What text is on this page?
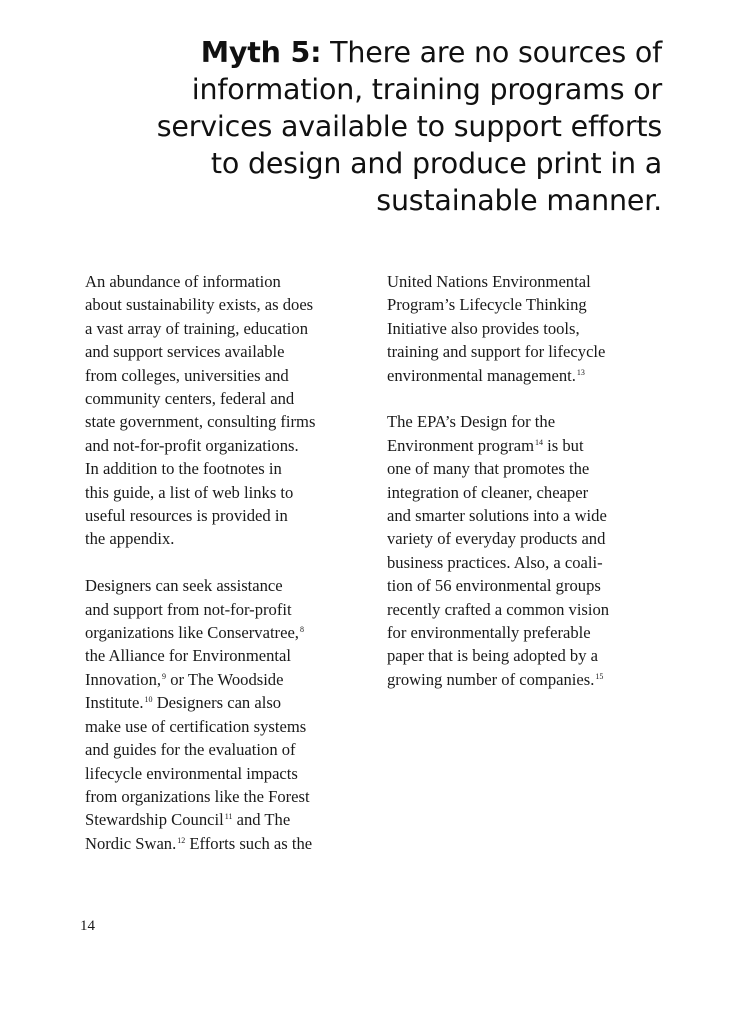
Myth 5: There are no sources of
information, training programs or
services available to support efforts
to design and produce print in a
sustainable manner.
An abundance of information
about sustainability exists, as does
a vast array of training, education
and support services available
from colleges, universities and
community centers, federal and
state government, consulting firms
and not-for-profit organizations.
In addition to the footnotes in
this guide, a list of web links to
useful resources is provided in
the appendix.
Designers can seek assistance
and support from not-for-profit
organizations like Conservatree,$^8$
the Alliance for Environmental
Innovation,$^9$ or The Woodside
Institute.$^{10}$ Designers can also
make use of certification systems
and guides for the evaluation of
lifecycle environmental impacts
from organizations like the Forest
Stewardship Council$^{11}$ and The
Nordic Swan.$^{12}$ Efforts such as the
United Nations Environmental
Program’s Lifecycle Thinking
Initiative also provides tools,
training and support for lifecycle
environmental management.$^{13}$
The EPA’s Design for the
Environment program$^{14}$ is but
one of many that promotes the
integration of cleaner, cheaper
and smarter solutions into a wide
variety of everyday products and
business practices. Also, a coali-
tion of 56 environmental groups
recently crafted a common vision
for environmentally preferable
paper that is being adopted by a
growing number of companies.$^{15}$
14
